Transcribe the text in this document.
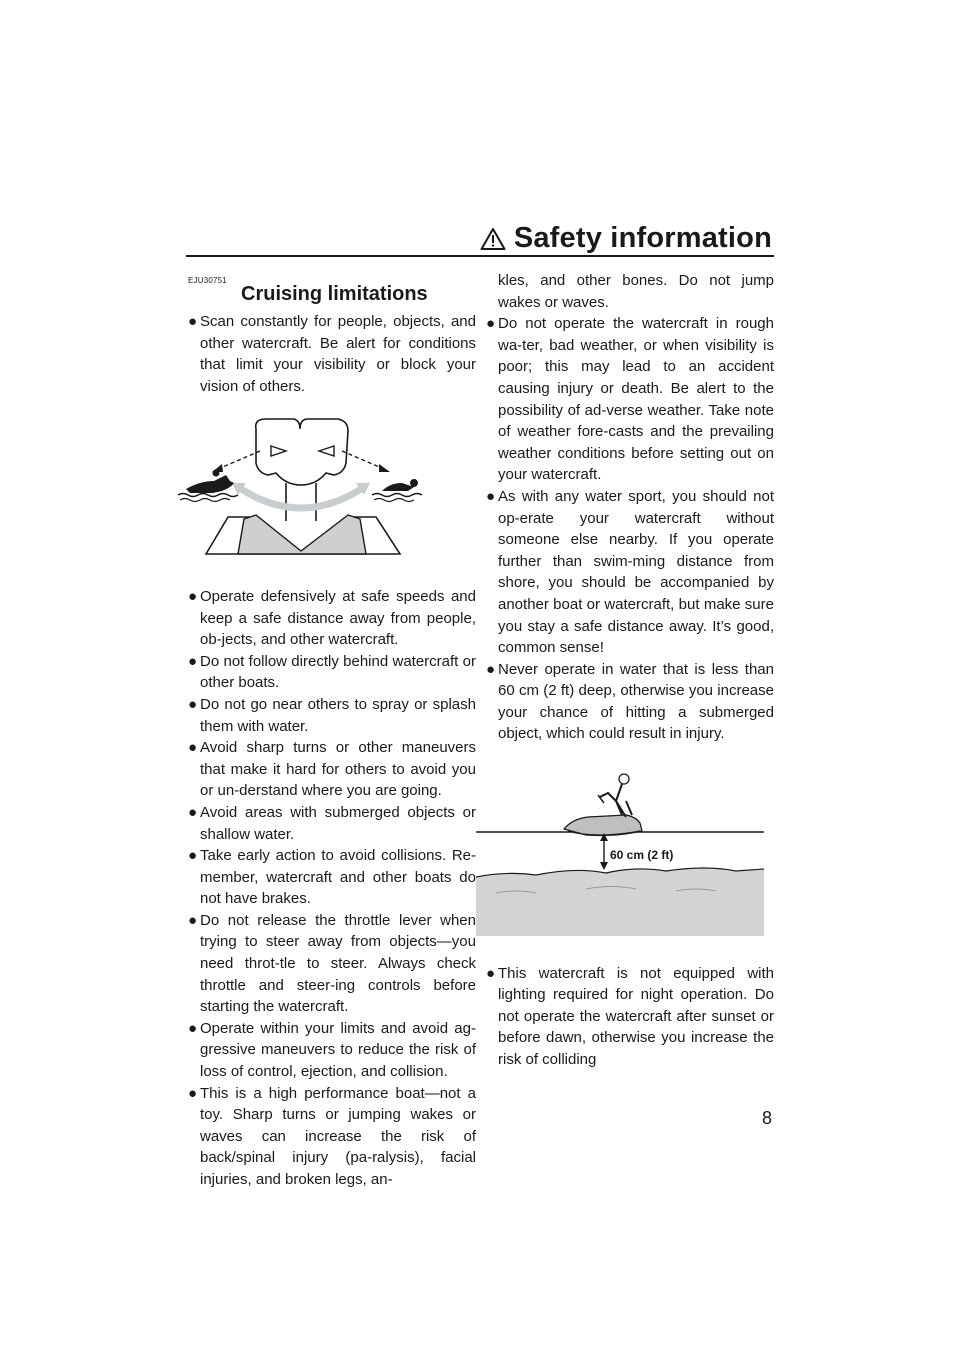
Safety information
EJU30751
Cruising limitations
● Scan constantly for people, objects, and other watercraft. Be alert for conditions that limit your visibility or block your vision of others.
● Operate defensively at safe speeds and keep a safe distance away from people, ob-jects, and other watercraft.
● Do not follow directly behind watercraft or other boats.
● Do not go near others to spray or splash them with water.
● Avoid sharp turns or other maneuvers that make it hard for others to avoid you or un-derstand where you are going.
● Avoid areas with submerged objects or shallow water.
● Take early action to avoid collisions. Re-member, watercraft and other boats do not have brakes.
● Do not release the throttle lever when trying to steer away from objects—you need throt-tle to steer. Always check throttle and steer-ing controls before starting the watercraft.
● Operate within your limits and avoid ag-gressive maneuvers to reduce the risk of loss of control, ejection, and collision.
● This is a high performance boat—not a toy. Sharp turns or jumping wakes or waves can increase the risk of back/spinal injury (pa-ralysis), facial injuries, and broken legs, an-
kles, and other bones. Do not jump wakes or waves.
● Do not operate the watercraft in rough wa-ter, bad weather, or when visibility is poor; this may lead to an accident causing injury or death. Be alert to the possibility of ad-verse weather. Take note of weather fore-casts and the prevailing weather conditions before setting out on your watercraft.
● As with any water sport, you should not op-erate your watercraft without someone else nearby. If you operate further than swim-ming distance from shore, you should be accompanied by another boat or watercraft, but make sure you stay a safe distance away. It’s good, common sense!
● Never operate in water that is less than 60 cm (2 ft) deep, otherwise you increase your chance of hitting a submerged object, which could result in injury.
60 cm (2 ft)
● This watercraft is not equipped with lighting required for night operation. Do not operate the watercraft after sunset or before dawn, otherwise you increase the risk of colliding
8
